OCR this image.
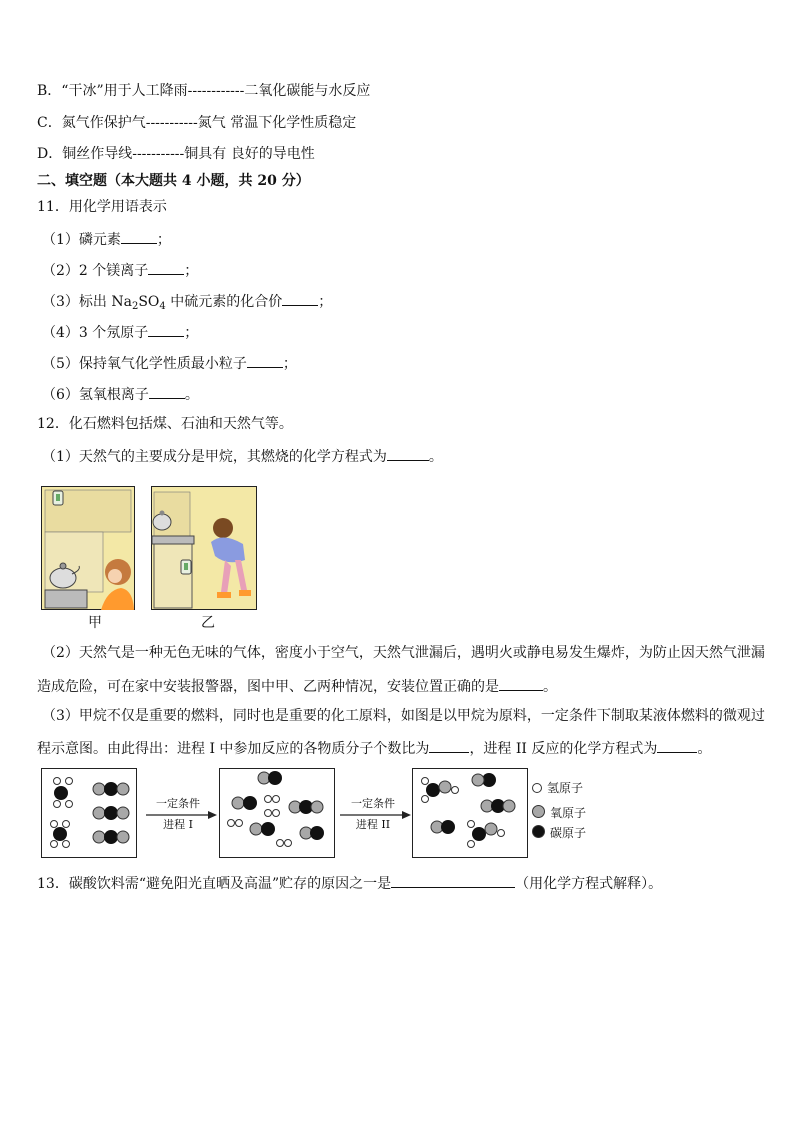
B．“干冰”用于人工降雨------------二氧化碳能与水反应
C．氮气作保护气-----------氮气 常温下化学性质稳定
D．铜丝作导线-----------铜具有 良好的导电性
二、填空题（本大题共 4 小题，共 20 分）
11．用化学用语表示
（1）磷元素	；
（2）2 个镁离子	；
（3）标出 $Na_2SO_4$ 中硫元素的化合价	；
（4）3 个氖原子	；
（5）保持氧气化学性质最小粒子	；
（6）氢氧根离子	。
12．化石燃料包括煤、石油和天然气等。
（1）天然气的主要成分是甲烷，其燃烧的化学方程式为	。
甲	乙
（2）天然气是一种无色无味的气体，密度小于空气，天然气泄漏后，遇明火或静电易发生爆炸，为防止因天然气泄漏
造成危险，可在家中安装报警器，图中甲、乙两种情况，安装位置正确的是	。
（3）甲烷不仅是重要的燃料，同时也是重要的化工原料，如图是以甲烷为原料，一定条件下制取某液体燃料的微观过
程示意图。由此得出：进程 I 中参加反应的各物质分子个数比为	，进程 II 反应的化学方程式为	。
一定条件
进程 I
一定条件
进程 II
氢原子
氧原子
碳原子
13．碳酸饮料需“避免阳光直晒及高温”贮存的原因之一是	（用化学方程式解释）。
